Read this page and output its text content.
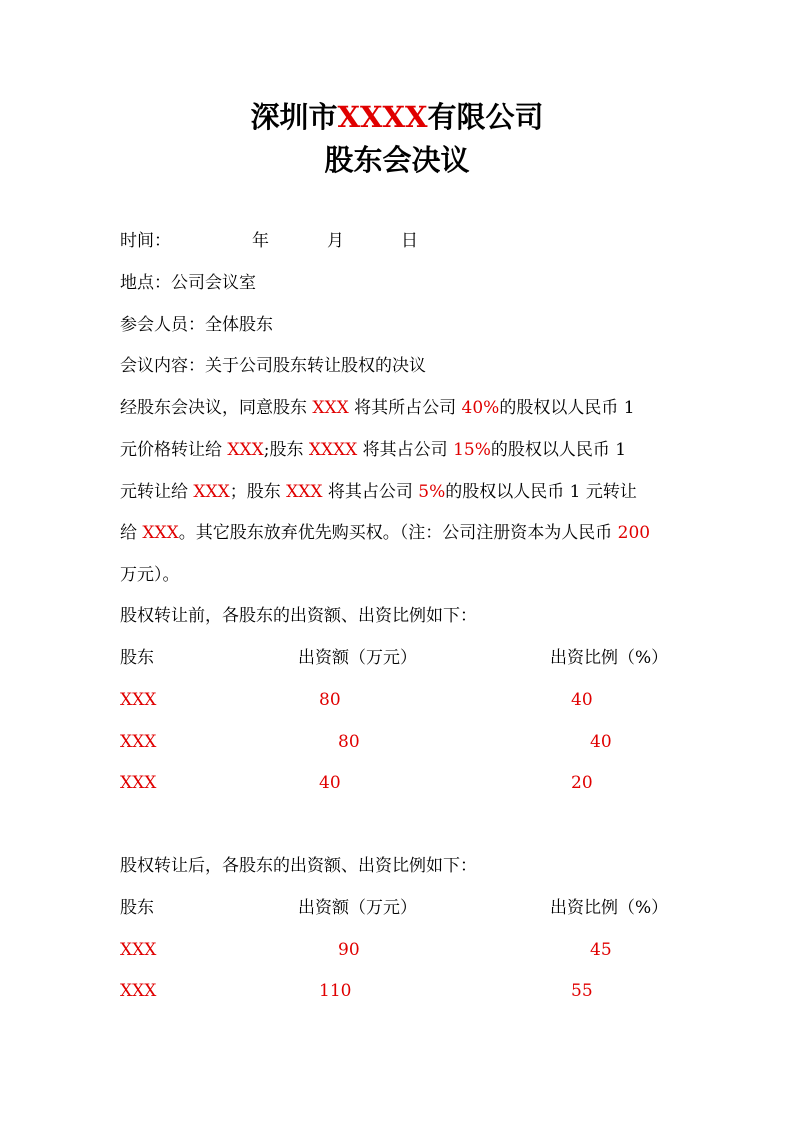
深圳市XXXX有限公司
股东会决议
时间：	年	月	日
地点：公司会议室
参会人员：全体股东
会议内容：关于公司股东转让股权的决议
经股东会决议，同意股东 XXX 将其所占公司 40%的股权以人民币 1
元价格转让给 XXX;股东 XXXX 将其占公司 15%的股权以人民币 1
元转让给 XXX；股东 XXX 将其占公司 5%的股权以人民币 1 元转让
给 XXX。其它股东放弃优先购买权。（注：公司注册资本为人民币 200
万元）。
股权转让前，各股东的出资额、出资比例如下：
股东	出资额（万元）	出资比例（%）
XXX	80	40
XXX	80	40
XXX	40	20
股权转让后，各股东的出资额、出资比例如下：
股东	出资额（万元）	出资比例（%）
XXX	90	45
XXX	110	55
